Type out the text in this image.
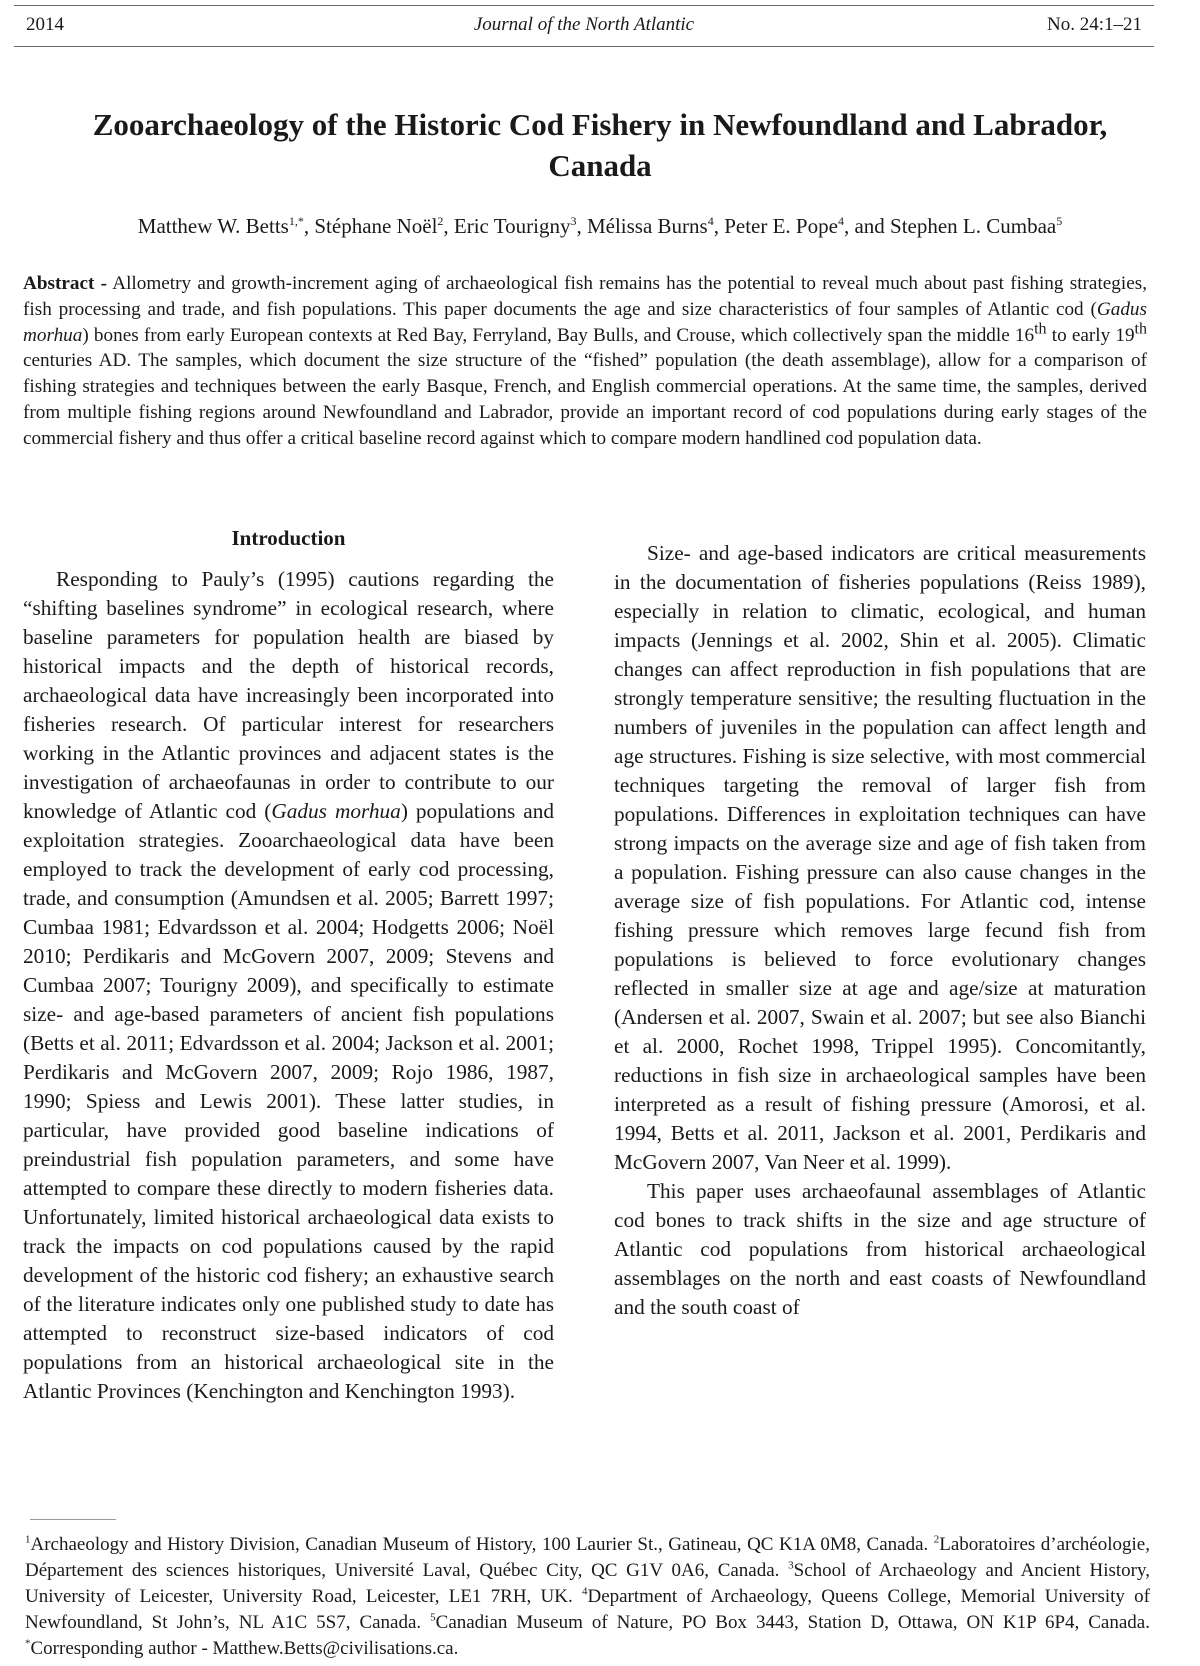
2014	Journal of the North Atlantic	No. 24:1–21
Zooarchaeology of the Historic Cod Fishery in Newfoundland and Labrador, Canada
Matthew W. Betts$^{1,*}$, Stéphane Noël$^2$, Eric Tourigny$^3$, Mélissa Burns$^4$, Peter E. Pope$^4$, and Stephen L. Cumbaa$^5$
Abstract - Allometry and growth-increment aging of archaeological fish remains has the potential to reveal much about past fishing strategies, fish processing and trade, and fish populations. This paper documents the age and size characteristics of four samples of Atlantic cod (Gadus morhua) bones from early European contexts at Red Bay, Ferryland, Bay Bulls, and Crouse, which collectively span the middle 16th to early 19th centuries AD. The samples, which document the size structure of the “fished” population (the death assemblage), allow for a comparison of fishing strategies and techniques between the early Basque, French, and English commercial operations. At the same time, the samples, derived from multiple fishing regions around Newfoundland and Labrador, provide an important record of cod populations during early stages of the commercial fishery and thus offer a critical baseline record against which to compare modern handlined cod population data.
Introduction

Responding to Pauly’s (1995) cautions regarding the “shifting baselines syndrome” in ecological research, where baseline parameters for population health are biased by historical impacts and the depth of historical records, archaeological data have increasingly been incorporated into fisheries research. Of particular interest for researchers working in the Atlantic provinces and adjacent states is the investigation of archaeofaunas in order to contribute to our knowledge of Atlantic cod (Gadus morhua) populations and exploitation strategies. Zooarchaeological data have been employed to track the development of early cod processing, trade, and consumption (Amundsen et al. 2005; Barrett 1997; Cumbaa 1981; Edvardsson et al. 2004; Hodgetts 2006; Noël 2010; Perdikaris and McGovern 2007, 2009; Stevens and Cumbaa 2007; Tourigny 2009), and specifically to estimate size- and age-based parameters of ancient fish populations (Betts et al. 2011; Edvardsson et al. 2004; Jackson et al. 2001; Perdikaris and McGovern 2007, 2009; Rojo 1986, 1987, 1990; Spiess and Lewis 2001). These latter studies, in particular, have provided good baseline indications of preindustrial fish population parameters, and some have attempted to compare these directly to modern fisheries data. Unfortunately, limited historical archaeological data exists to track the impacts on cod populations caused by the rapid development of the historic cod fishery; an exhaustive search of the literature indicates only one published study to date has attempted to reconstruct size-based indicators of cod populations from an historical archaeological site in the Atlantic Provinces (Kenchington and Kenchington 1993).

Size- and age-based indicators are critical measurements in the documentation of fisheries populations (Reiss 1989), especially in relation to climatic, ecological, and human impacts (Jennings et al. 2002, Shin et al. 2005). Climatic changes can affect reproduction in fish populations that are strongly temperature sensitive; the resulting fluctuation in the numbers of juveniles in the population can affect length and age structures. Fishing is size selective, with most commercial techniques targeting the removal of larger fish from populations. Differences in exploitation techniques can have strong impacts on the average size and age of fish taken from a population. Fishing pressure can also cause changes in the average size of fish populations. For Atlantic cod, intense fishing pressure which removes large fecund fish from populations is believed to force evolutionary changes reflected in smaller size at age and age/size at maturation (Andersen et al. 2007, Swain et al. 2007; but see also Bianchi et al. 2000, Rochet 1998, Trippel 1995). Concomitantly, reductions in fish size in archaeological samples have been interpreted as a result of fishing pressure (Amorosi, et al. 1994, Betts et al. 2011, Jackson et al. 2001, Perdikaris and McGovern 2007, Van Neer et al. 1999).

This paper uses archaeofaunal assemblages of Atlantic cod bones to track shifts in the size and age structure of Atlantic cod populations from historical archaeological assemblages on the north and east coasts of Newfoundland and the south coast of

$^1$Archaeology and History Division, Canadian Museum of History, 100 Laurier St., Gatineau, QC K1A 0M8, Canada. $^2$Laboratoires d’archéologie, Département des sciences historiques, Université Laval, Québec City, QC G1V 0A6, Canada. $^3$School of Archaeology and Ancient History, University of Leicester, University Road, Leicester, LE1 7RH, UK. $^4$Department of Archaeology, Queens College, Memorial University of Newfoundland, St John’s, NL A1C 5S7, Canada. $^5$Canadian Museum of Nature, PO Box 3443, Station D, Ottawa, ON K1P 6P4, Canada. *Corresponding author - Matthew.Betts@civilisations.ca.
